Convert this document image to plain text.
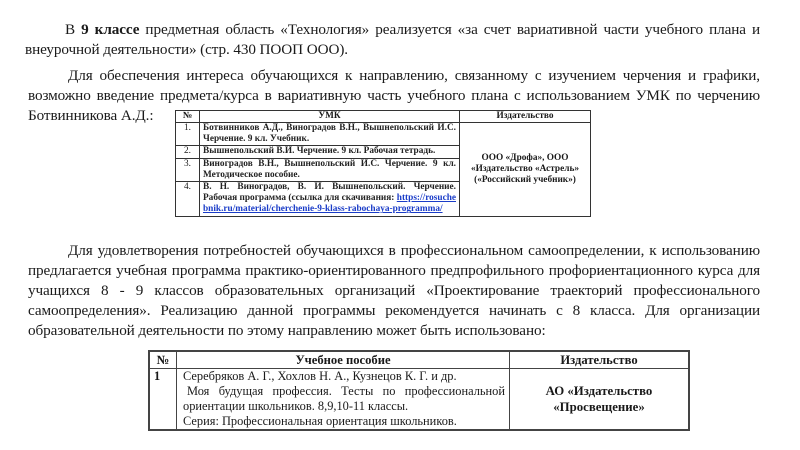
В 9 классе предметная область «Технология» реализуется «за счет вариативной части учебного плана и внеурочной деятельности» (стр. 430 ПООП ООО).
Для обеспечения интереса обучающихся к направлению, связанному с изучением черчения и графики, возможно введение предмета/курса в вариативную часть учебного плана с использованием УМК по черчению Ботвинникова А.Д.:	№	УМК	Издательство
1.	Ботвинников А.Д., Виноградов В.Н., Вышнепольский И.С. Черчение. 9 кл. Учебник.	ООО «Дрофа», ООО «Издательство «Астрель» («Российский учебник»)
2.	Вышнепольский В.И. Черчение. 9 кл. Рабочая тетрадь.	
3.	Виноградов В.Н., Вышнепольский И.С. Черчение. 9 кл. Методическое пособие.	
4.	В. Н. Виноградов, В. И. Вышнепольский. Черчение. Рабочая программа (ссылка для скачивания: https://rosuchebnik.ru/material/cherchenie-9-klass-rabochaya-programma/	
Для удовлетворения потребностей обучающихся в профессиональном самоопределении, к использованию предлагается учебная программа практико-ориентированного предпрофильного профориентационного курса для учащихся 8 - 9 классов образовательных организаций «Проектирование траекторий профессионального самоопределения». Реализацию данной программы рекомендуется начинать с 8 класса. Для организации образовательной деятельности по этому направлению может быть использовано:
№	Учебное пособие	Издательство
1	Серебряков А. Г., Хохлов Н. А., Кузнецов К. Г. и др.
Моя будущая профессия. Тесты по профессиональной ориентации школьников. 8,9,10-11 классы.
Серия: Профессиональная ориентация школьников.	АО «Издательство «Просвещение»
